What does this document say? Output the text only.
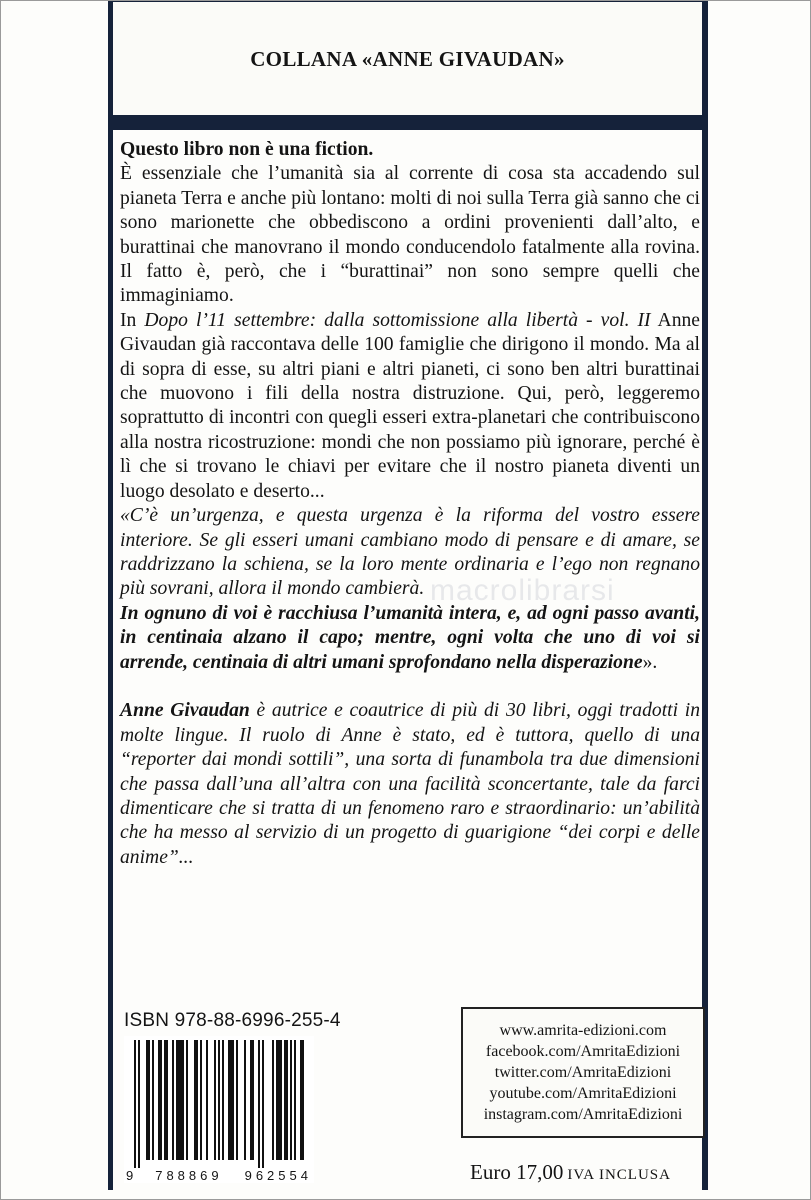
COLLANA «ANNE GIVAUDAN»
macrolibrarsi

Questo libro non è una fiction.
È essenziale che l’umanità sia al corrente di cosa sta accadendo sul pianeta Terra e anche più lontano: molti di noi sulla Terra già sanno che ci sono marionette che obbediscono a ordini provenienti dall’alto, e burattinai che manovrano il mondo conducendolo fatalmente alla rovina. Il fatto è, però, che i “burattinai” non sono sempre quelli che immaginiamo.

In Dopo l’11 settembre: dalla sottomissione alla libertà - vol. II Anne Givaudan già raccontava delle 100 famiglie che dirigono il mondo. Ma al di sopra di esse, su altri piani e altri pianeti, ci sono ben altri burattinai che muovono i fili della nostra distruzione. Qui, però, leggeremo soprattutto di incontri con quegli esseri extra-planetari che contribuiscono alla nostra ricostruzione: mondi che non possiamo più ignorare, perché è lì che si trovano le chiavi per evitare che il nostro pianeta diventi un luogo desolato e deserto...

«C’è un’urgenza, e questa urgenza è la riforma del vostro essere interiore. Se gli esseri umani cambiano modo di pensare e di amare, se raddrizzano la schiena, se la loro mente ordinaria e l’ego non regnano più sovrani, allora il mondo cambierà.

In ognuno di voi è racchiusa l’umanità intera, e, ad ogni passo avanti, in centinaia alzano il capo; mentre, ogni volta che uno di voi si arrende, centinaia di altri umani sprofondano nella disperazione».

Anne Givaudan è autrice e coautrice di più di 30 libri, oggi tradotti in molte lingue. Il ruolo di Anne è stato, ed è tuttora, quello di una “reporter dai mondi sottili”, una sorta di funambola tra due dimensioni che passa dall’una all’altra con una facilità sconcertante, tale da farci dimenticare che si tratta di un fenomeno raro e straordinario: un’abilità che ha messo al servizio di un progetto di guarigione “dei corpi e delle anime”...

ISBN 978-88-6996-255-4
9 788869 962554
www.amrita-edizioni.com
facebook.com/AmritaEdizioni
twitter.com/AmritaEdizioni
youtube.com/AmritaEdizioni
instagram.com/AmritaEdizioni
Euro 17,00 IVA INCLUSA
